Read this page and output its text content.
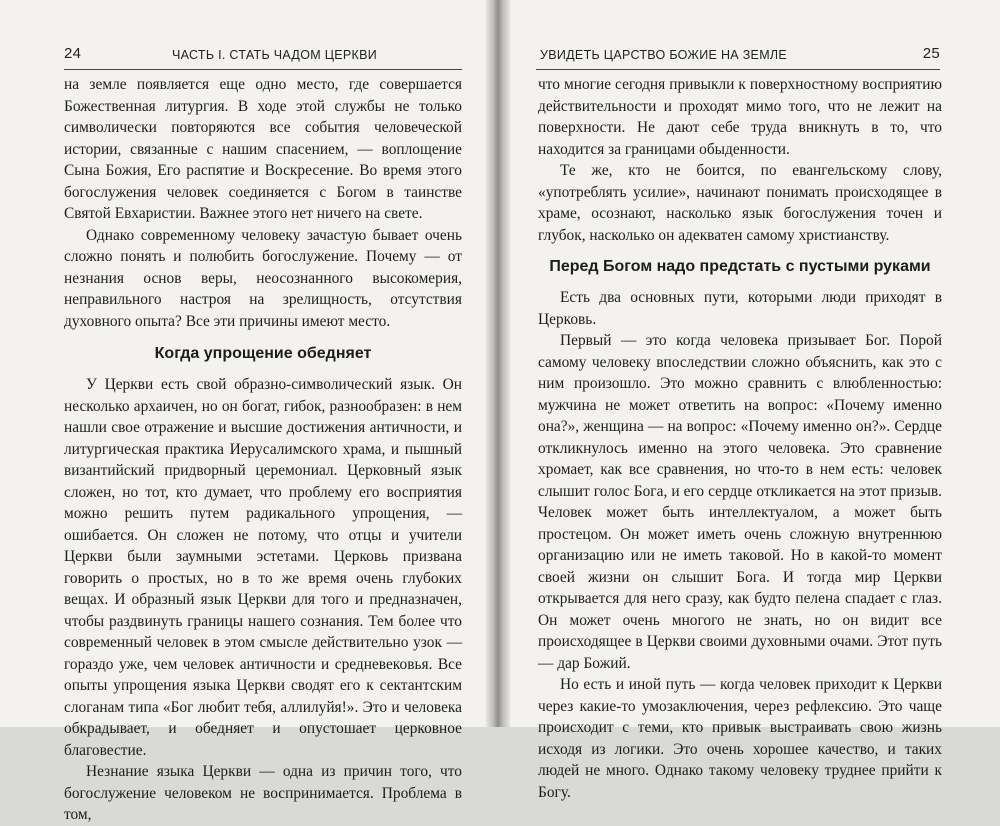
24	ЧАСТЬ I. СТАТЬ ЧАДОМ ЦЕРКВИ

на земле появляется еще одно место, где совершается Божественная литургия. В ходе этой службы не только символически повторяются все события человеческой истории, связанные с нашим спасением, — воплощение Сына Божия, Его распятие и Воскресение. Во время этого богослужения человек соединяется с Богом в таинстве Святой Евхаристии. Важнее этого нет ничего на свете.

Однако современному человеку зачастую бывает очень сложно понять и полюбить богослужение. Почему — от незнания основ веры, неосознанного высокомерия, неправильного настроя на зрелищность, отсутствия духовного опыта? Все эти причины имеют место.

Когда упрощение обедняет

У Церкви есть свой образно-символический язык. Он несколько архаичен, но он богат, гибок, разнообразен: в нем нашли свое отражение и высшие достижения античности, и литургическая практика Иерусалимского храма, и пышный византийский придворный церемониал. Церковный язык сложен, но тот, кто думает, что проблему его восприятия можно решить путем радикального упрощения, — ошибается. Он сложен не потому, что отцы и учители Церкви были заумными эстетами. Церковь призвана говорить о простых, но в то же время очень глубоких вещах. И образный язык Церкви для того и предназначен, чтобы раздвинуть границы нашего сознания. Тем более что современный человек в этом смысле действительно узок — гораздо уже, чем человек античности и средневековья. Все опыты упрощения языка Церкви сводят его к сектантским слоганам типа «Бог любит тебя, аллилуйя!». Это и человека обкрадывает, и обедняет и опустошает церковное благовестие.

Незнание языка Церкви — одна из причин того, что богослужение человеком не воспринимается. Проблема в том,

УВИДЕТЬ ЦАРСТВО БОЖИЕ НА ЗЕМЛЕ	25

что многие сегодня привыкли к поверхностному восприятию действительности и проходят мимо того, что не лежит на поверхности. Не дают себе труда вникнуть в то, что находится за границами обыденности.

Те же, кто не боится, по евангельскому слову, «употреблять усилие», начинают понимать происходящее в храме, осознают, насколько язык богослужения точен и глубок, насколько он адекватен самому христианству.

Перед Богом надо предстать с пустыми руками

Есть два основных пути, которыми люди приходят в Церковь.

Первый — это когда человека призывает Бог. Порой самому человеку впоследствии сложно объяснить, как это с ним произошло. Это можно сравнить с влюбленностью: мужчина не может ответить на вопрос: «Почему именно она?», женщина — на вопрос: «Почему именно он?». Сердце откликнулось именно на этого человека. Это сравнение хромает, как все сравнения, но что-то в нем есть: человек слышит голос Бога, и его сердце откликается на этот призыв. Человек может быть интеллектуалом, а может быть простецом. Он может иметь очень сложную внутреннюю организацию или не иметь таковой. Но в какой-то момент своей жизни он слышит Бога. И тогда мир Церкви открывается для него сразу, как будто пелена спадает с глаз. Он может очень многого не знать, но он видит все происходящее в Церкви своими духовными очами. Этот путь — дар Божий.

Но есть и иной путь — когда человек приходит к Церкви через какие-то умозаключения, через рефлексию. Это чаще происходит с теми, кто привык выстраивать свою жизнь исходя из логики. Это очень хорошее качество, и таких людей не много. Однако такому человеку труднее прийти к Богу.
